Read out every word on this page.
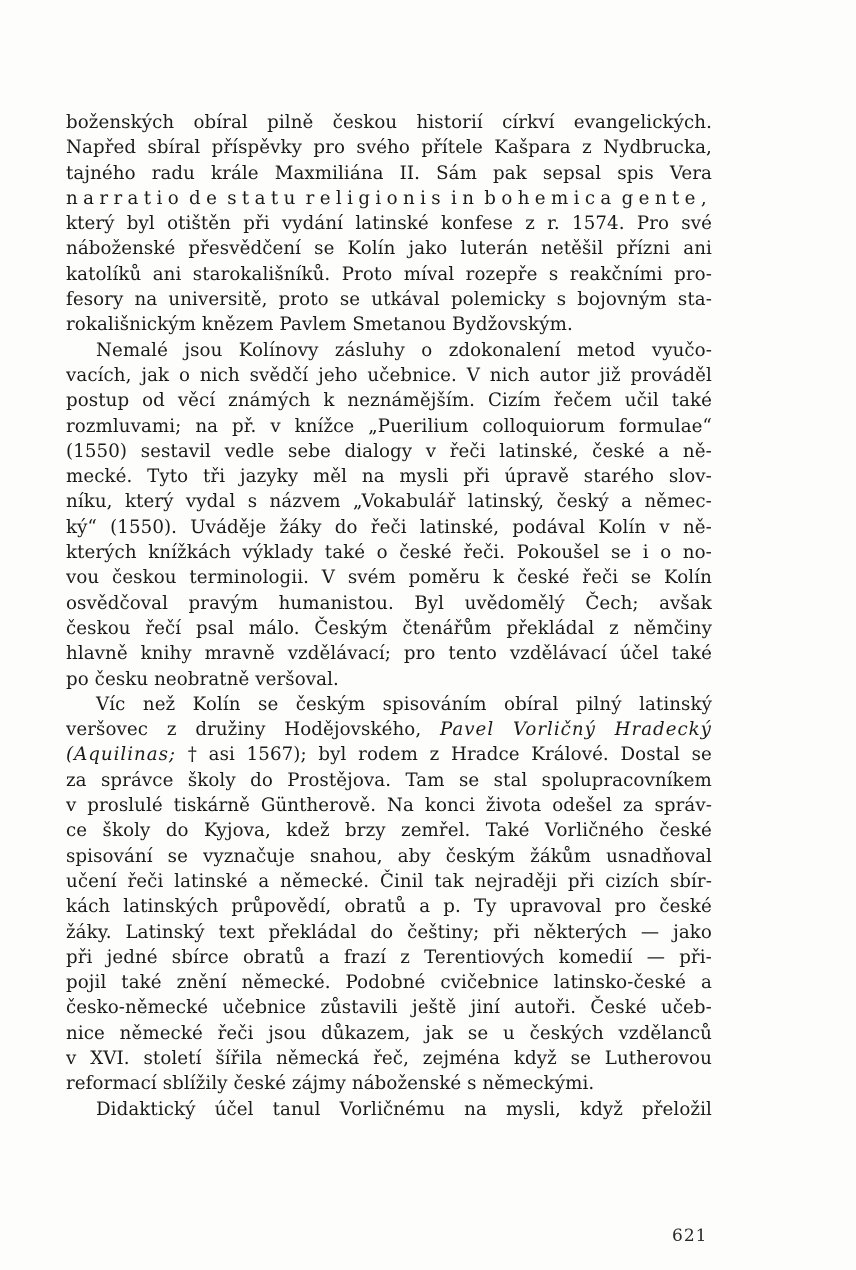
boženských obíral pilně českou historií církví evangelických.
Napřed sbíral příspěvky pro svého přítele Kašpara z Nydbrucka,
tajného radu krále Maxmiliána II. Sám pak sepsal spis Vera
narratio de statu religionis in bohemica gente,
který byl otištěn při vydání latinské konfese z r. 1574. Pro své
náboženské přesvědčení se Kolín jako luterán netěšil přízni ani
katolíků ani starokališníků. Proto míval rozepře s reakčními pro-
fesory na universitě, proto se utkával polemicky s bojovným sta-
rokališnickým knězem Pavlem Smetanou Bydžovským.
Nemalé jsou Kolínovy zásluhy o zdokonalení metod vyučo-
vacích, jak o nich svědčí jeho učebnice. V nich autor již prováděl
postup od věcí známých k neznámějším. Cizím řečem učil také
rozmluvami; na př. v knížce „Puerilium colloquiorum formulae“
(1550) sestavil vedle sebe dialogy v řeči latinské, české a ně-
mecké. Tyto tři jazyky měl na mysli při úpravě starého slov-
níku, který vydal s názvem „Vokabulář latinský, český a němec-
ký“ (1550). Uváděje žáky do řeči latinské, podával Kolín v ně-
kterých knížkách výklady také o české řeči. Pokoušel se i o no-
vou českou terminologii. V svém poměru k české řeči se Kolín
osvědčoval pravým humanistou. Byl uvědomělý Čech; avšak
českou řečí psal málo. Českým čtenářům překládal z němčiny
hlavně knihy mravně vzdělávací; pro tento vzdělávací účel také
po česku neobratně veršoval.
Víc než Kolín se českým spisováním obíral pilný latinský
veršovec z družiny Hodějovského, Pavel Vorličný Hradecký
(Aquilinas; † asi 1567); byl rodem z Hradce Králové. Dostal se
za správce školy do Prostějova. Tam se stal spolupracovníkem
v proslulé tiskárně Güntherově. Na konci života odešel za správ-
ce školy do Kyjova, kdež brzy zemřel. Také Vorličného české
spisování se vyznačuje snahou, aby českým žákům usnadňoval
učení řeči latinské a německé. Činil tak nejraději při cizích sbír-
kách latinských průpovědí, obratů a p. Ty upravoval pro české
žáky. Latinský text překládal do češtiny; při některých — jako
při jedné sbírce obratů a frazí z Terentiových komedií — při-
pojil také znění německé. Podobné cvičebnice latinsko-české a
česko-německé učebnice zůstavili ještě jiní autoři. České učeb-
nice německé řeči jsou důkazem, jak se u českých vzdělanců
v XVI. století šířila německá řeč, zejména když se Lutherovou
reformací sblížily české zájmy náboženské s německými.
Didaktický účel tanul Vorličnému na mysli, když přeložil
621
